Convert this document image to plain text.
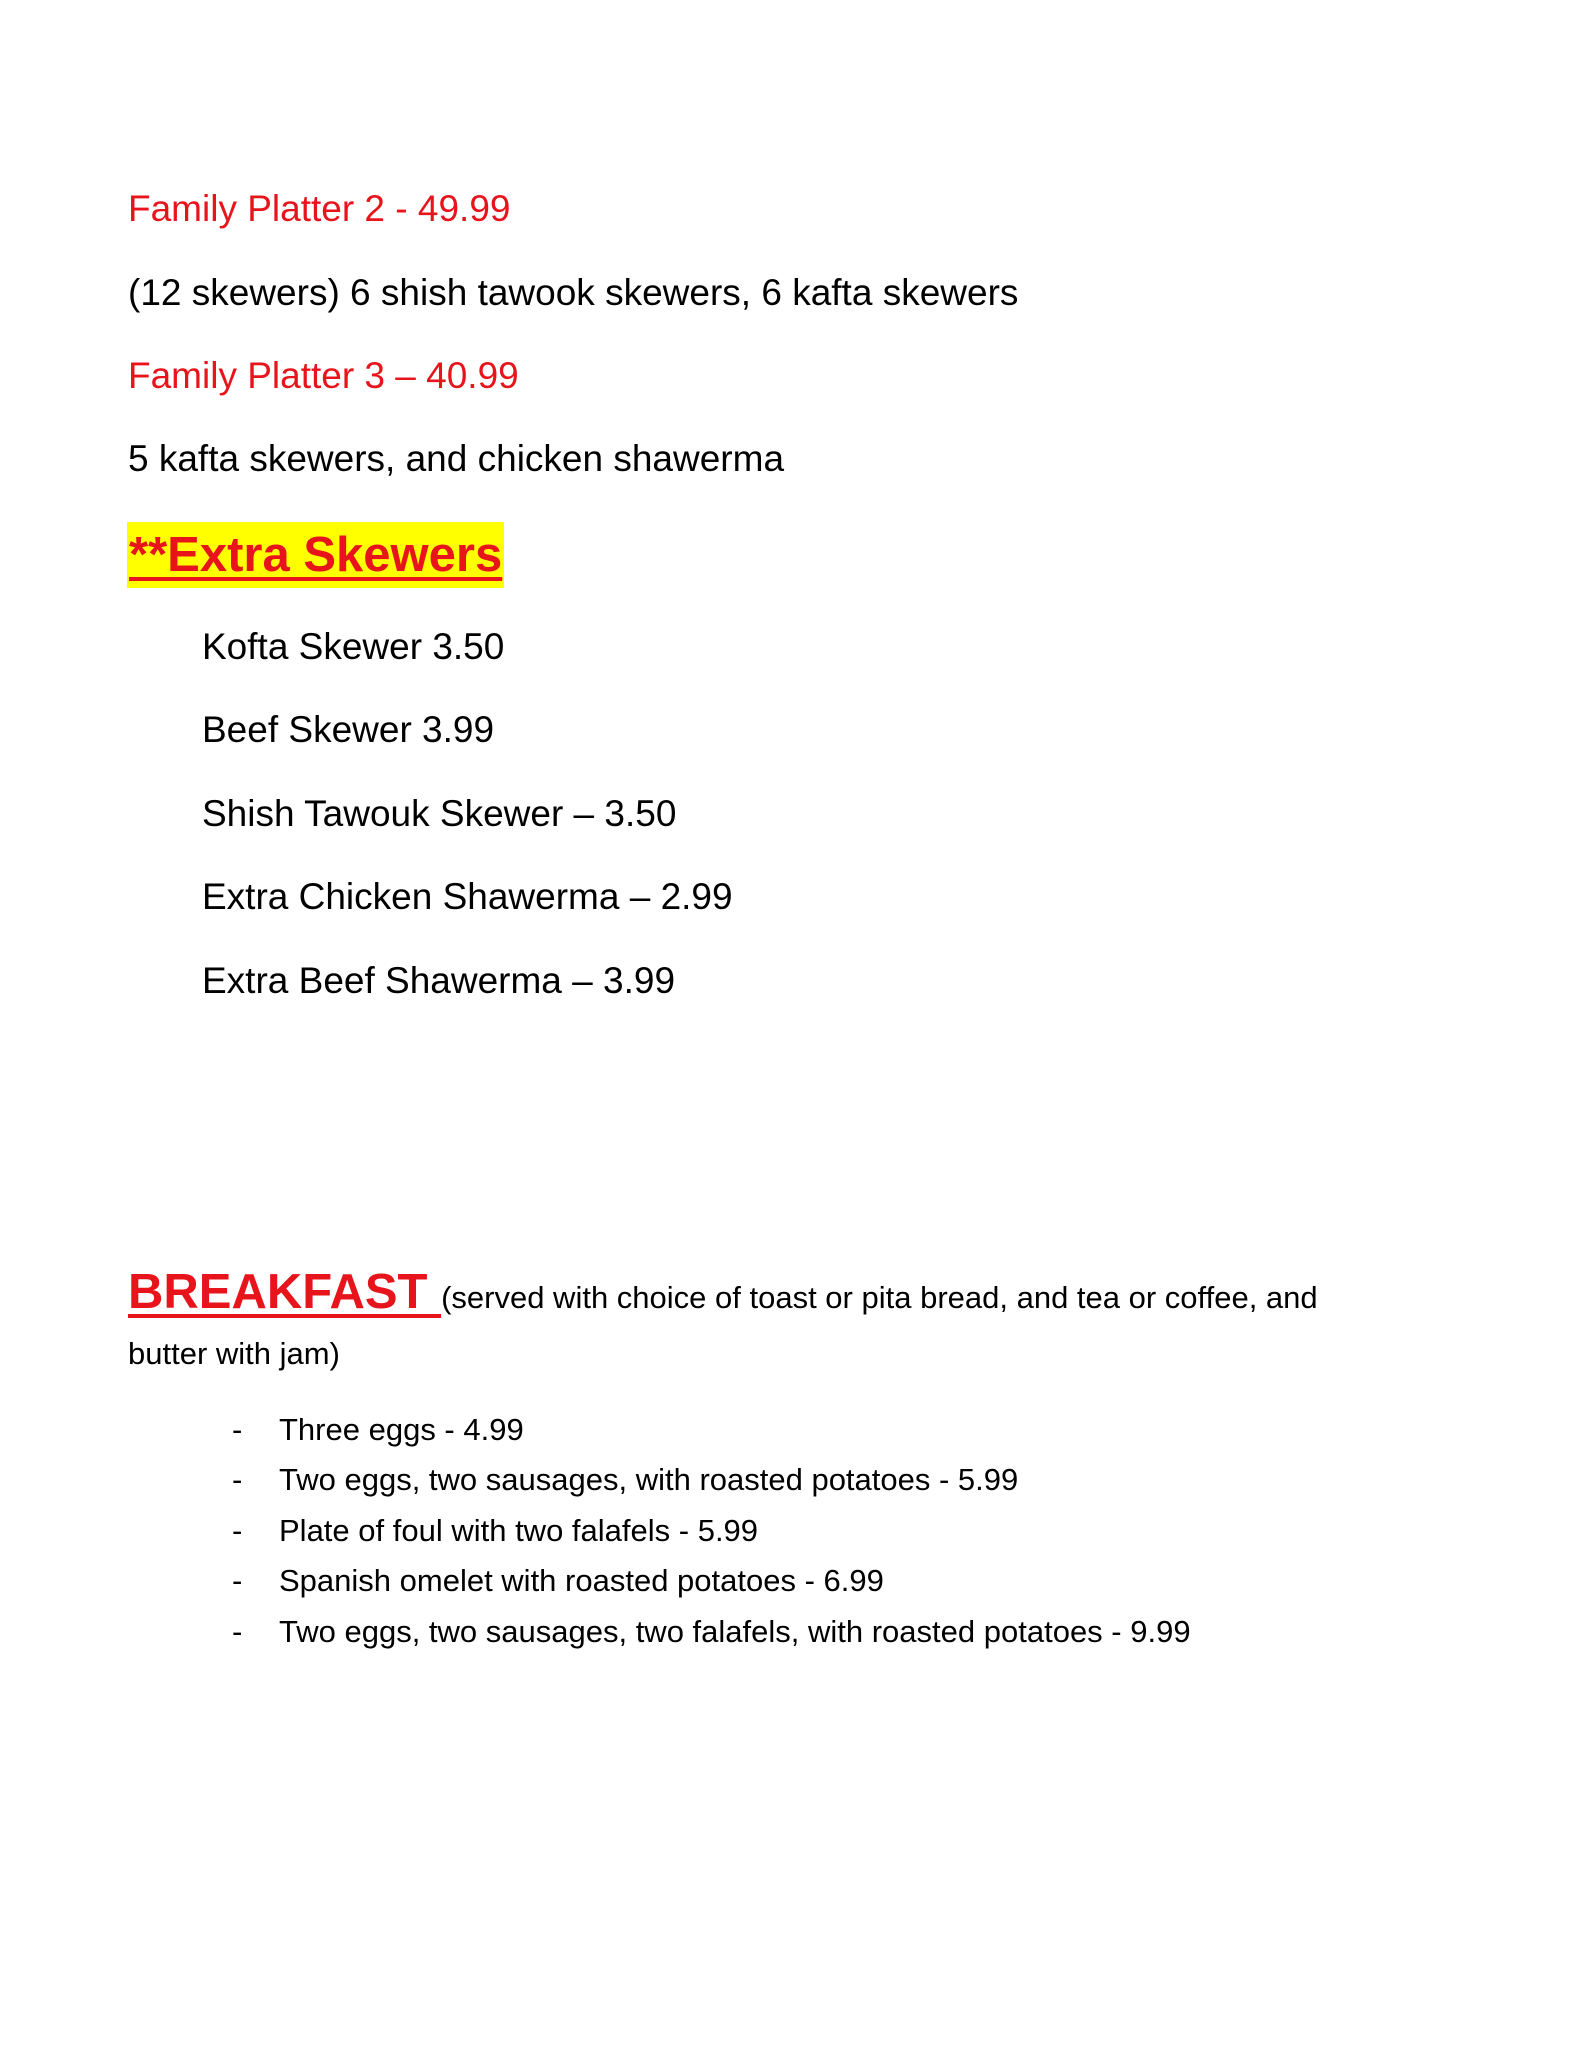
Family Platter 2 - 49.99
(12 skewers) 6 shish tawook skewers, 6 kafta skewers
Family Platter 3 – 40.99
5 kafta skewers, and chicken shawerma
**Extra Skewers
Kofta Skewer 3.50
Beef Skewer 3.99
Shish Tawouk Skewer – 3.50
Extra Chicken Shawerma – 2.99
Extra Beef Shawerma – 3.99
BREAKFAST (served with choice of toast or pita bread, and tea or coffee, and
butter with jam)
- Three eggs - 4.99
- Two eggs, two sausages, with roasted potatoes - 5.99
- Plate of foul with two falafels - 5.99
- Spanish omelet with roasted potatoes - 6.99
- Two eggs, two sausages, two falafels, with roasted potatoes - 9.99
